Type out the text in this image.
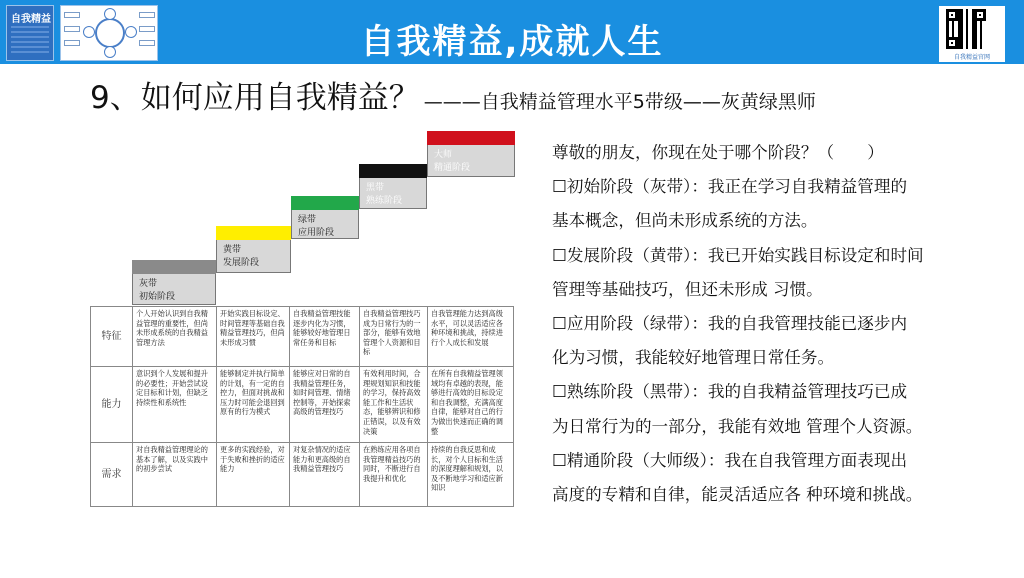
自我精益
自我精益,成就人生	自我精益官网
9、如何应用自我精益？ ———自我精益管理水平5带级——灰黄绿黑师
灰带
初始阶段
黄带
发展阶段
绿带
应用阶段
黑带
熟练阶段
大师
精通阶段
特征	个人开始认识到自我精益管理的重要性，但尚未形成系统的自我精益管理方法	开始实践目标设定、时间管理等基础自我精益管理技巧，但尚未形成习惯	自我精益管理技能逐步内化为习惯，能够较好地管理日常任务和目标	自我精益管理技巧成为日常行为的一部分，能够有效地管理个人资源和目标	自我管理能力达到高级水平，可以灵活适应各种环境和挑战，持续进行个人成长和发展
能力	意识到个人发展和提升的必要性；开始尝试设定目标和计划，但缺乏持续性和系统性	能够制定并执行简单的计划，有一定的自控力，但面对挑战和压力时可能会退回到原有的行为模式	能够应对日常的自我精益管理任务，如时间管理、情绪控制等，开始探索高级的管理技巧	有效利用时间，合理规划知识和技能的学习，保持高效能工作和生活状态，能够辨识和修正错误，以及有效决策	在所有自我精益管理领域均有卓越的表现，能够进行高效的目标设定和自我调整，充满高度自律，能够对自己的行为做出快速而正确的调整
需求	对自我精益管理理论的基本了解，以及实践中的初步尝试	更多的实践经验，对于失败和挫折的适应能力	对复杂情况的适应能力和更高级的自我精益管理技巧	在熟练应用各项自我管理精益技巧的同时，不断进行自我提升和优化	持续的自我反思和成长，对个人目标和生活的深度理解和规划，以及不断地学习和适应新知识
尊敬的朋友，你现在处于哪个阶段？（　　）
☐初始阶段（灰带）：我正在学习自我精益管理的
基本概念，但尚未形成系统的方法。
☐发展阶段（黄带）：我已开始实践目标设定和时间
管理等基础技巧，但还未形成 习惯。
☐应用阶段（绿带）：我的自我管理技能已逐步内
化为习惯，我能较好地管理日常任务。
☐熟练阶段（黑带）：我的自我精益管理技巧已成
为日常行为的一部分，我能有效地 管理个人资源。
☐精通阶段（大师级）：我在自我管理方面表现出
高度的专精和自律，能灵活适应各 种环境和挑战。
